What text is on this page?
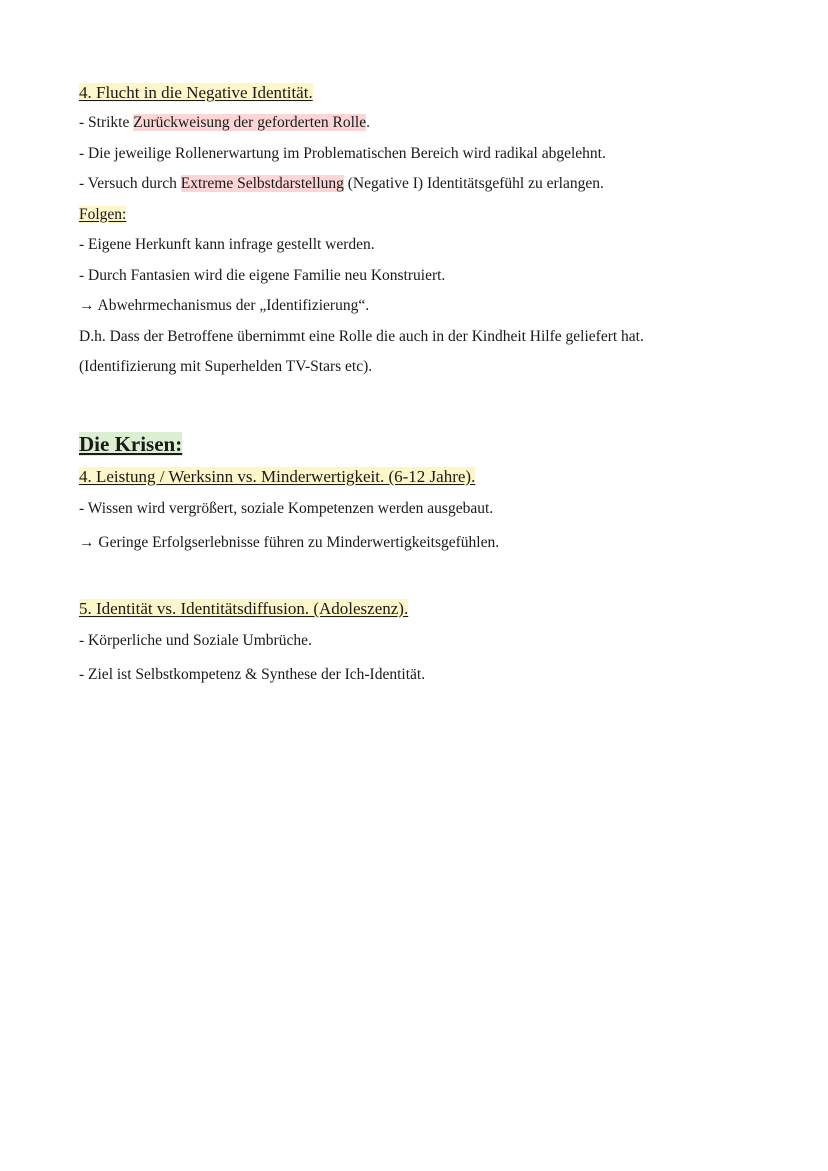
4. Flucht in die Negative Identität.
- Strikte Zurückweisung der geforderten Rolle.
- Die jeweilige Rollenerwartung im Problematischen Bereich wird radikal abgelehnt.
- Versuch durch Extreme Selbstdarstellung (Negative I) Identitätsgefühl zu erlangen.
Folgen:
- Eigene Herkunft kann infrage gestellt werden.
- Durch Fantasien wird die eigene Familie neu Konstruiert.
→ Abwehrmechanismus der „Identifizierung“.
D.h. Dass der Betroffene übernimmt eine Rolle die auch in der Kindheit Hilfe geliefert hat.
(Identifizierung mit Superhelden TV-Stars etc).
Die Krisen:
4. Leistung / Werksinn vs. Minderwertigkeit. (6-12 Jahre).
- Wissen wird vergrößert, soziale Kompetenzen werden ausgebaut.
→ Geringe Erfolgserlebnisse führen zu Minderwertigkeitsgefühlen.
5. Identität vs. Identitätsdiffusion. (Adoleszenz).
- Körperliche und Soziale Umbrüche.
- Ziel ist Selbstkompetenz & Synthese der Ich-Identität.
